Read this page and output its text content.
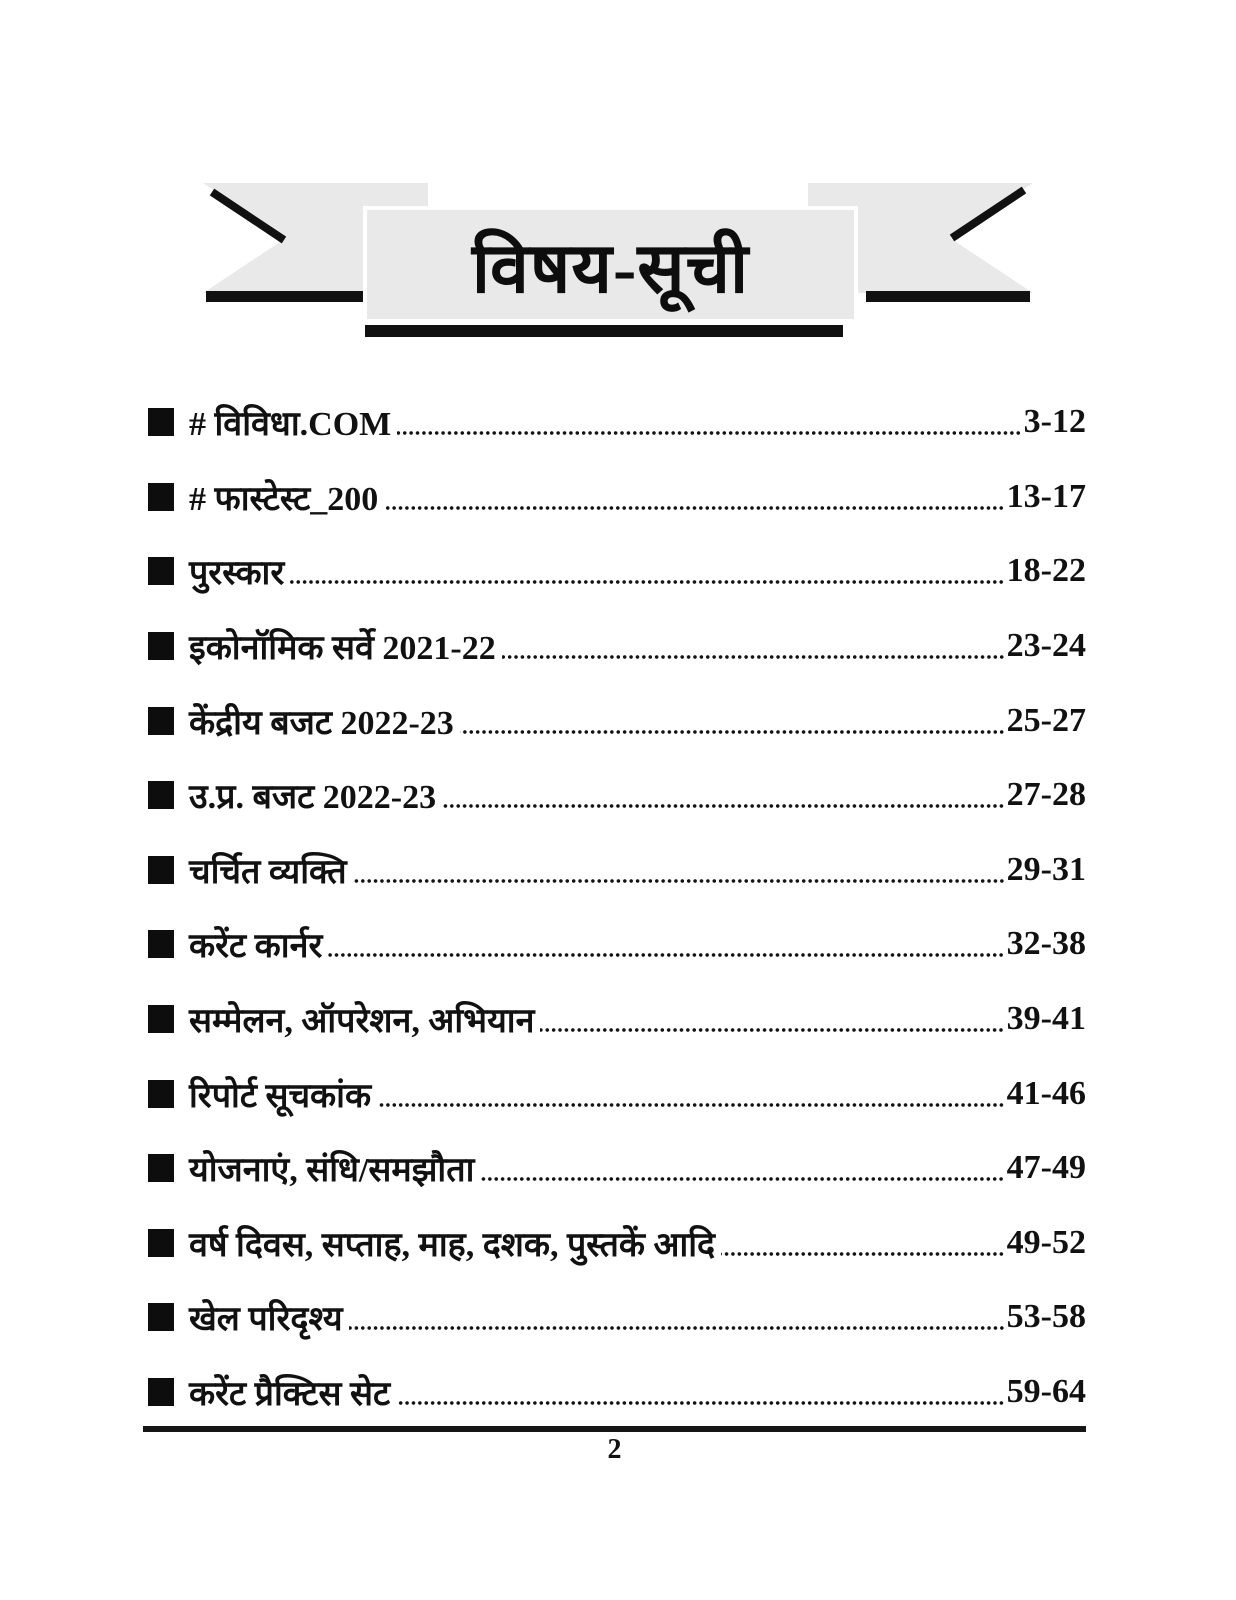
विषय-सूची
# विविधा.COM	3-12
# फास्टेस्ट_200	13-17
पुरस्कार	18-22
इकोनॉमिक सर्वे 2021-22	23-24
केंद्रीय बजट 2022-23	25-27
उ.प्र. बजट 2022-23	27-28
चर्चित व्यक्ति	29-31
करेंट कार्नर	32-38
सम्मेलन, ऑपरेशन, अभियान	39-41
रिपोर्ट सूचकांक	41-46
योजनाएं, संधि/समझौता	47-49
वर्ष दिवस, सप्ताह, माह, दशक, पुस्तकें आदि	49-52
खेल परिदृश्य	53-58
करेंट प्रैक्टिस सेट	59-64
2
